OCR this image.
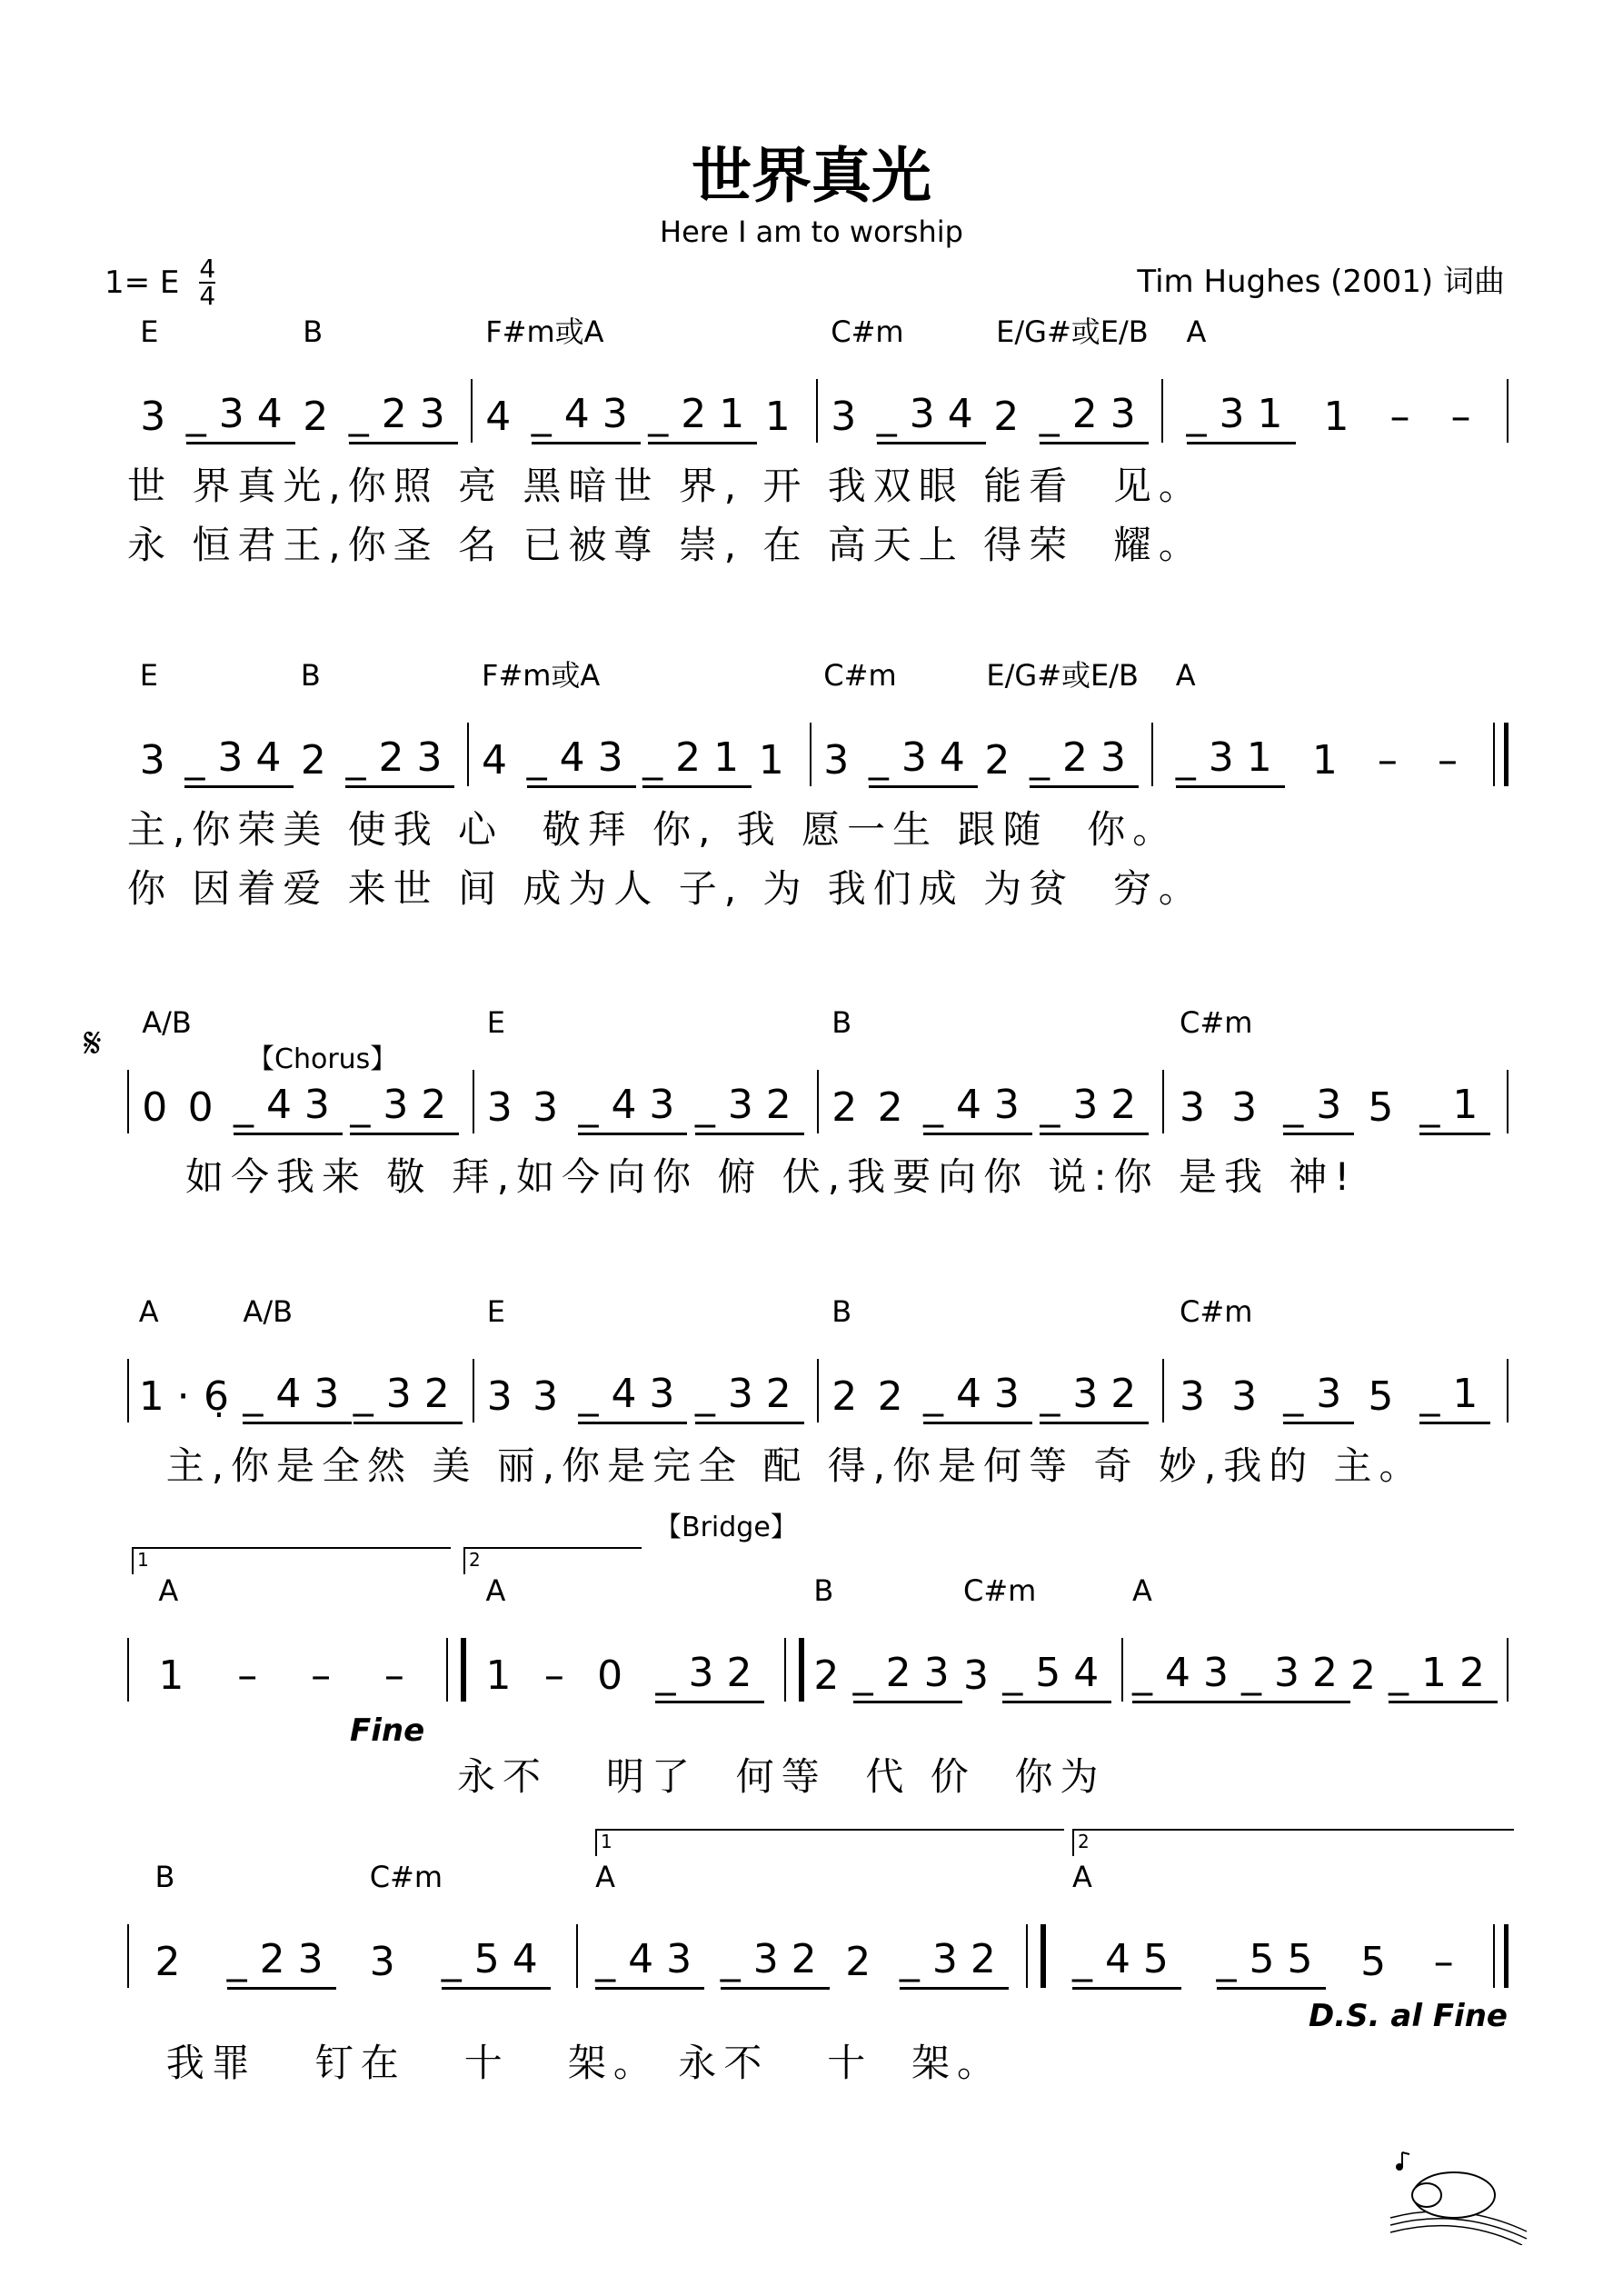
世界真光
Here I am to worship
1= E 4
4	Tim Hughes (2001) 词曲
3
E
_34 2
B
_23 4
F#m或A
_43 _21 1 3
C#m
_34 2 _23
E/G#或E/B
_31
A
1 – –
世 界真光,你照 亮 黑暗世 界, 开 我双眼 能看  见。
永 恒君王,你圣 名 已被尊 崇, 在 高天上 得荣  耀。
3
E
_34 2
B
_23 4
F#m或A
_43 _21 1 3
C#m
_34 2 _23
E/G#或E/B
_31
A
1 – –
主,你荣美 使我 心  敬拜 你, 我 愿一生 跟随  你。
你 因着爱 来世 间 成为人 子, 为 我们成 为贫  穷。
0
A/B
0 _43 _32 3
E
3 _43 _32 2
B
2 _43 _32 3
C#m
3 _3 5 _1
如今我来 敬 拜,如今向你 俯 伏,我要向你 说:你 是我 神!
1·
A
6̣ _43
A/B
_32 3
E
3 _43 _32 2
B
2 _43 _32 3
C#m
3 _3 5 _1
主,你是全然 美 丽,你是完全 配 得,你是何等 奇 妙,我的 主。
1
A
– – – 1
A
– 0 _32 2
B
_23 3
C#m
_54 _43
A
_32 2 _12
永不   明了  何等  代 价  你为
2
B
_23 3
C#m
_54 _43
A
_32 2 _32 _45
A
_55 5 –
我罪   钉在   十   架。 永不   十  架。
𝄋	【Chorus】
【Bridge】
Fine
D.S. al Fine
1	2
1	2
